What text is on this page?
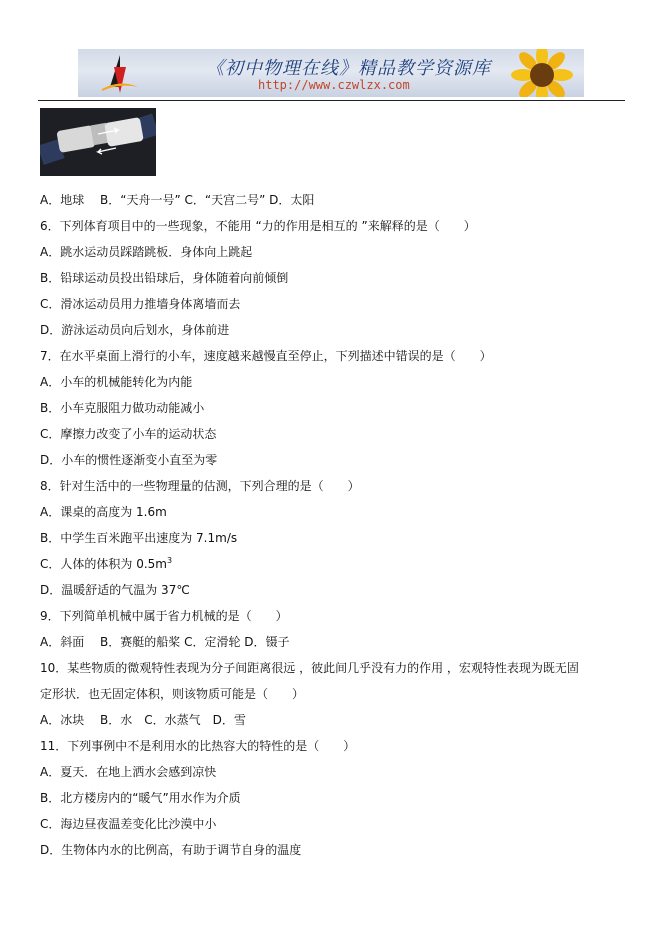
《初中物理在线》精品教学资源库
http://www.czwlzx.com
A．地球　 B．“天舟一号” C．“天宫二号” D．太阳
6．下列体育项目中的一些现象，不能用 “力的作用是相互的 ”来解释的是（　　）
A．跳水运动员踩踏跳板．身体向上跳起
B．铅球运动员投出铅球后，身体随着向前倾倒
C．滑冰运动员用力推墙身体离墙而去
D．游泳运动员向后划水，身体前进
7．在水平桌面上滑行的小车，速度越来越慢直至停止，下列描述中错误的是（　　）
A．小车的机械能转化为内能
B．小车克服阻力做功动能减小
C．摩擦力改变了小车的运动状态
D．小车的惯性逐渐变小直至为零
8．针对生活中的一些物理量的估测，下列合理的是（　　）
A．课桌的高度为 1.6m
B．中学生百米跑平出速度为 7.1m/s
C．人体的体积为 $0.5m^3$
D．温暖舒适的气温为 37℃
9．下列简单机械中属于省力机械的是（　　）
A．斜面　 B．赛艇的船桨 C．定滑轮 D．镊子
10．某些物质的微观特性表现为分子间距离很远 ，彼此间几乎没有力的作用 ，宏观特性表现为既无固
定形状．也无固定体积，则该物质可能是（　　）
A．冰块　 B．水　C．水蒸气　D．雪
11．下列事例中不是利用水的比热容大的特性的是（　　）
A．夏天．在地上洒水会感到凉快
B．北方楼房内的“暖气”用水作为介质
C．海边昼夜温差变化比沙漠中小
D．生物体内水的比例高，有助于调节自身的温度
